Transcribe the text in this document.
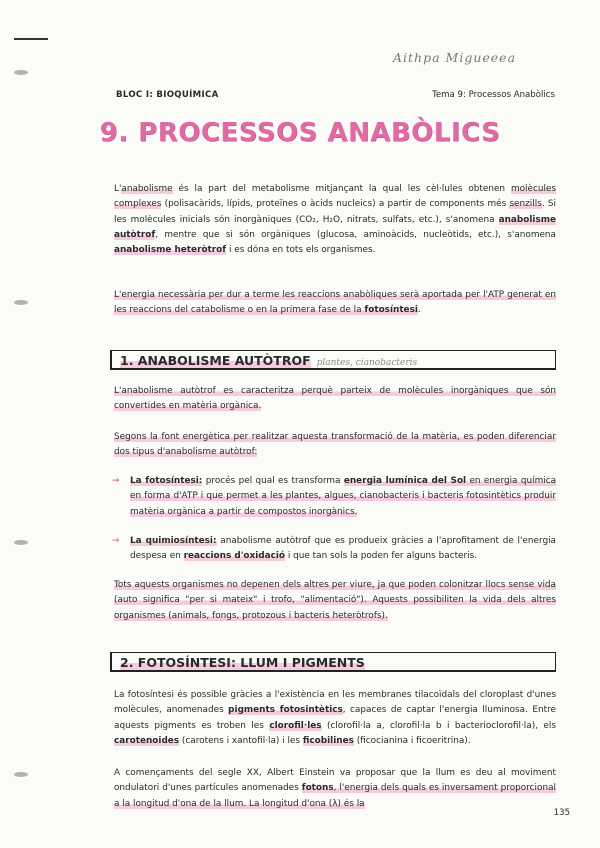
Aithpa Migueeea
BLOC I: BIOQUÍMICA	Tema 9: Processos Anabòlics
9. PROCESSOS ANABÒLICS
L'anabolisme és la part del metabolisme mitjançant la qual les cèl·lules obtenen molècules complexes (polisacàrids, lípids, proteïnes o àcids nucleics) a partir de components més senzills. Si les molècules inicials són inorgàniques (CO₂, H₂O, nitrats, sulfats, etc.), s'anomena anabolisme autòtrof, mentre que si són orgàniques (glucosa, aminoàcids, nucleòtids, etc.), s'anomena anabolisme heteròtrof i es dóna en tots els organismes.
L'energia necessària per dur a terme les reaccions anabòliques serà aportada per l'ATP generat en les reaccions del catabolisme o en la primera fase de la fotosíntesi.
1. ANABOLISME AUTÒTROF plantes, cianobacteris
L'anabolisme autòtrof es caracteritza perquè parteix de molècules inorgàniques que són convertides en matèria orgànica.
Segons la font energètica per realitzar aquesta transformació de la matèria, es poden diferenciar dos tipus d'anabolisme autòtrof:
→ La fotosíntesi: procés pel qual es transforma energia lumínica del Sol en energia química en forma d'ATP i que permet a les plantes, algues, cianobacteris i bacteris fotosintètics produir matèria orgànica a partir de compostos inorgànics.
→ La quimiosíntesi: anabolisme autòtrof que es produeix gràcies a l'aprofitament de l'energia despesa en reaccions d'oxidació i que tan sols la poden fer alguns bacteris.
Tots aquests organismes no depenen dels altres per viure, ja que poden colonitzar llocs sense vida (auto significa "per si mateix" i trofo, "alimentació"). Aquests possibiliten la vida dels altres organismes (animals, fongs, protozous i bacteris heteròtrofs).
2. FOTOSÍNTESI: LLUM I PIGMENTS
La fotosíntesi és possible gràcies a l'existència en les membranes tilacoïdals del cloroplast d'unes molècules, anomenades pigments fotosintètics, capaces de captar l'energia lluminosa. Entre aquests pigments es troben les clorofil·les (clorofil·la a, clorofil·la b i bacterioclorofil·la), els carotenoides (carotens i xantofil·la) i les ficobilines (ficocianina i ficoeritrina).
A començaments del segle XX, Albert Einstein va proposar que la llum es deu al moviment ondulatori d'unes partícules anomenades fotons, l'energia dels quals es inversament proporcional a la longitud d'ona de la llum. La longitud d'ona (λ) és la
135
